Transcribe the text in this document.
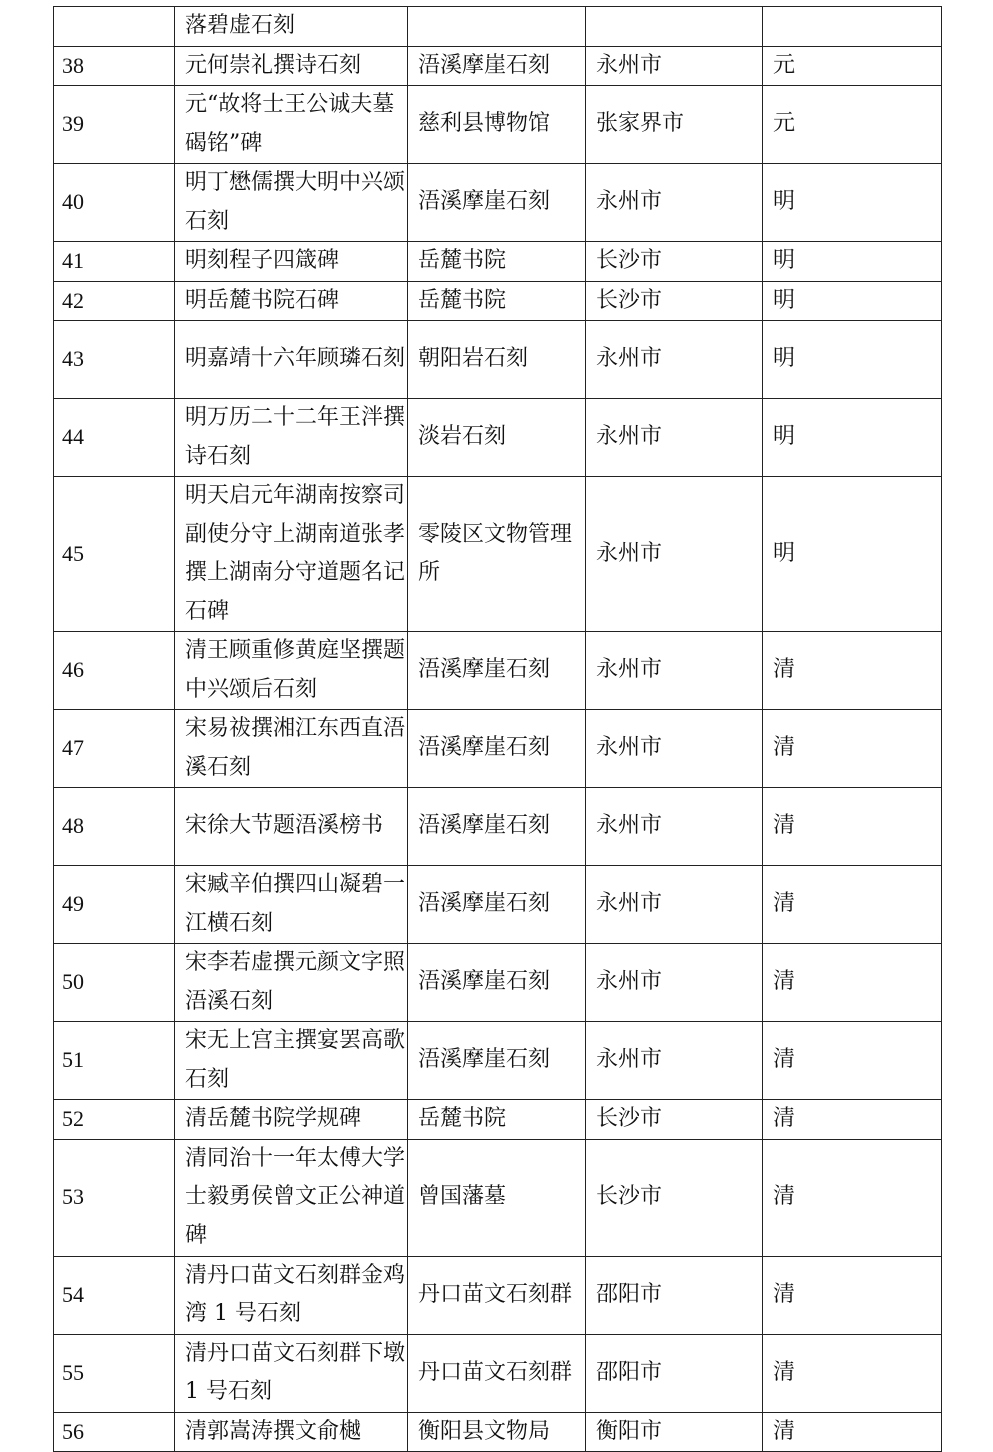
	落碧虚石刻			

38	元何崇礼撰诗石刻	浯溪摩崖石刻	永州市	元
39	元“故将士王公诚夫墓碣铭”碑	慈利县博物馆	张家界市	元
40	明丁懋儒撰大明中兴颂石刻	浯溪摩崖石刻	永州市	明
41	明刻程子四箴碑	岳麓书院	长沙市	明
42	明岳麓书院石碑	岳麓书院	长沙市	明
43	明嘉靖十六年顾璘石刻	朝阳岩石刻	永州市	明
44	明万历二十二年王泮撰诗石刻	淡岩石刻	永州市	明
45	明天启元年湖南按察司副使分守上湖南道张孝撰上湖南分守道题名记石碑	零陵区文物管理所	永州市	明
46	清王顾重修黄庭坚撰题中兴颂后石刻	浯溪摩崖石刻	永州市	清
47	宋易祓撰湘江东西直浯溪石刻	浯溪摩崖石刻	永州市	清
48	宋徐大节题浯溪榜书	浯溪摩崖石刻	永州市	清
49	宋臧辛伯撰四山凝碧一江横石刻	浯溪摩崖石刻	永州市	清
50	宋李若虚撰元颜文字照浯溪石刻	浯溪摩崖石刻	永州市	清
51	宋无上宫主撰宴罢高歌石刻	浯溪摩崖石刻	永州市	清
52	清岳麓书院学规碑	岳麓书院	长沙市	清
53	清同治十一年太傅大学士毅勇侯曾文正公神道碑	曾国藩墓	长沙市	清
54	清丹口苗文石刻群金鸡湾 1 号石刻	丹口苗文石刻群	邵阳市	清
55	清丹口苗文石刻群下墩 1 号石刻	丹口苗文石刻群	邵阳市	清
56	清郭嵩涛撰文俞樾	衡阳县文物局	衡阳市	清
